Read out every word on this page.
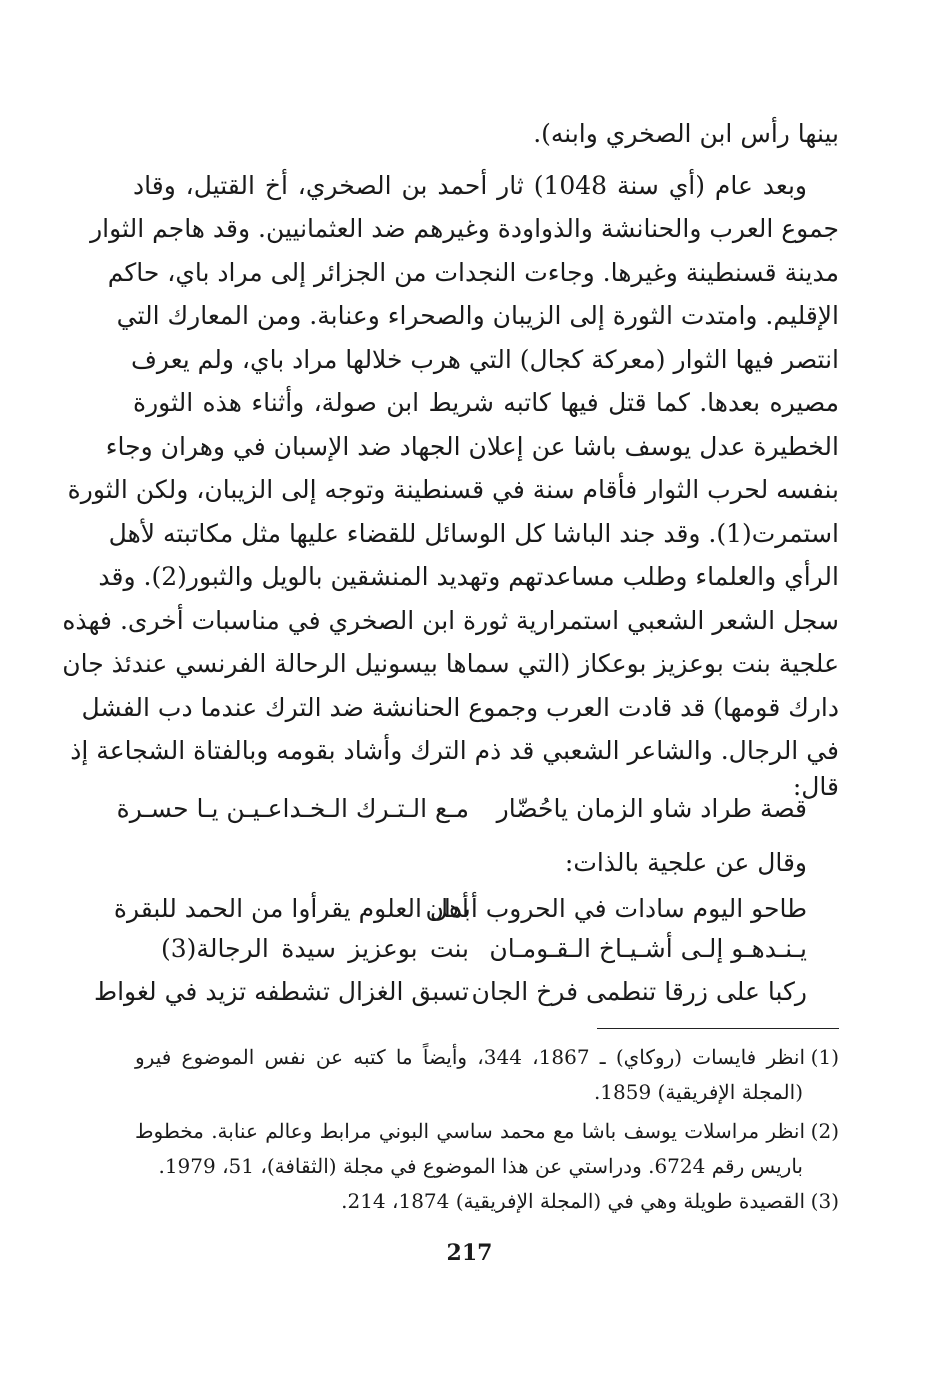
بينها رأس ابن الصخري وابنه).
وبعد عام (أي سنة 1048) ثار أحمد بن الصخري، أخ القتيل، وقاد
جموع العرب والحنانشة والذواودة وغيرهم ضد العثمانيين. وقد هاجم الثوار
مدينة قسنطينة وغيرها. وجاءت النجدات من الجزائر إلى مراد باي، حاكم
الإقليم. وامتدت الثورة إلى الزيبان والصحراء وعنابة. ومن المعارك التي
انتصر فيها الثوار (معركة كجال) التي هرب خلالها مراد باي، ولم يعرف
مصيره بعدها. كما قتل فيها كاتبه شريط ابن صولة، وأثناء هذه الثورة
الخطيرة عدل يوسف باشا عن إعلان الجهاد ضد الإسبان في وهران وجاء
بنفسه لحرب الثوار فأقام سنة في قسنطينة وتوجه إلى الزيبان، ولكن الثورة
استمرت(1). وقد جند الباشا كل الوسائل للقضاء عليها مثل مكاتبته لأهل
الرأي والعلماء وطلب مساعدتهم وتهديد المنشقين بالويل والثبور(2). وقد
سجل الشعر الشعبي استمرارية ثورة ابن الصخري في مناسبات أخرى. فهذه
علجية بنت بوعزيز بوعكاز (التي سماها بيسونيل الرحالة الفرنسي عندئذ جان
دارك قومها) قد قادت العرب وجموع الحنانشة ضد الترك عندما دب الفشل
في الرجال. والشاعر الشعبي قد ذم الترك وأشاد بقومه وبالفتاة الشجاعة إذ
قال:
قصة طراد شاو الزمان ياحُضّار
مـع الـتـرك الـخـداعـيـن يـا حسـرة
وقال عن علجية بالذات:
طاحو اليوم سادات في الحروب أبدان
أهل العلوم يقرأوا من الحمد للبقرة
يـنـدهـو إلـى أشـيـاخ الـقـومـان
بنت بوعزيز سيدة الرجالة(3)
ركبا على زرقا تنطمى فرخ الجان
تسبق الغزال تشطفه تزيد في لغواط
(1)
انظر فايسات (روكاي) ـ 1867، 344، وأيضاً ما كتبه عن نفس الموضوع فيرو
(المجلة الإفريقية) 1859.
(2)
انظر مراسلات يوسف باشا مع محمد ساسي البوني مرابط وعالم عنابة. مخطوط
باريس رقم 6724. ودراستي عن هذا الموضوع في مجلة (الثقافة)، 51، 1979.
(3)
القصيدة طويلة وهي في (المجلة الإفريقية) 1874، 214.
217
